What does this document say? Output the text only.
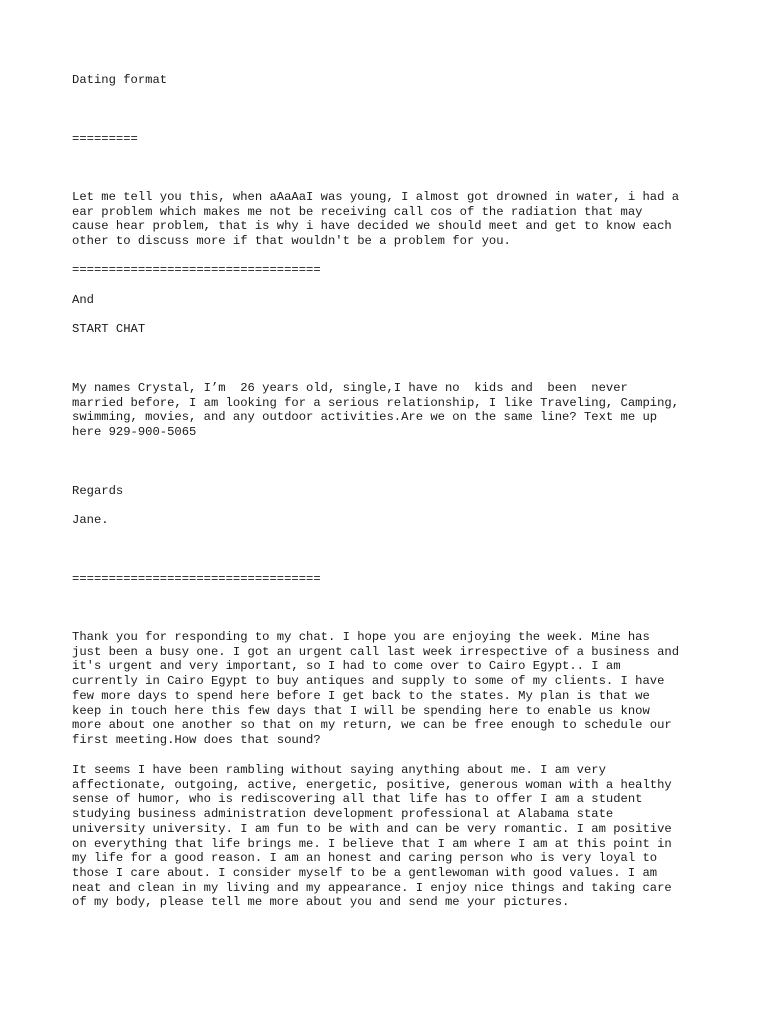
Dating format

=========

Let me tell you this, when aAaAaI was young, I almost got drowned in water, i had a
ear problem which makes me not be receiving call cos of the radiation that may
cause hear problem, that is why i have decided we should meet and get to know each
other to discuss more if that wouldn't be a problem for you.

==================================

And

START CHAT

My names Crystal, I’m  26 years old, single,I have no  kids and  been  never
married before, I am looking for a serious relationship, I like Traveling, Camping,
swimming, movies, and any outdoor activities.Are we on the same line? Text me up
here 929-900-5065

Regards

Jane.

==================================

Thank you for responding to my chat. I hope you are enjoying the week. Mine has
just been a busy one. I got an urgent call last week irrespective of a business and
it's urgent and very important, so I had to come over to Cairo Egypt.. I am
currently in Cairo Egypt to buy antiques and supply to some of my clients. I have
few more days to spend here before I get back to the states. My plan is that we
keep in touch here this few days that I will be spending here to enable us know
more about one another so that on my return, we can be free enough to schedule our
first meeting.How does that sound?

It seems I have been rambling without saying anything about me. I am very
affectionate, outgoing, active, energetic, positive, generous woman with a healthy
sense of humor, who is rediscovering all that life has to offer I am a student
studying business administration development professional at Alabama state
university university. I am fun to be with and can be very romantic. I am positive
on everything that life brings me. I believe that I am where I am at this point in
my life for a good reason. I am an honest and caring person who is very loyal to
those I care about. I consider myself to be a gentlewoman with good values. I am
neat and clean in my living and my appearance. I enjoy nice things and taking care
of my body, please tell me more about you and send me your pictures.
